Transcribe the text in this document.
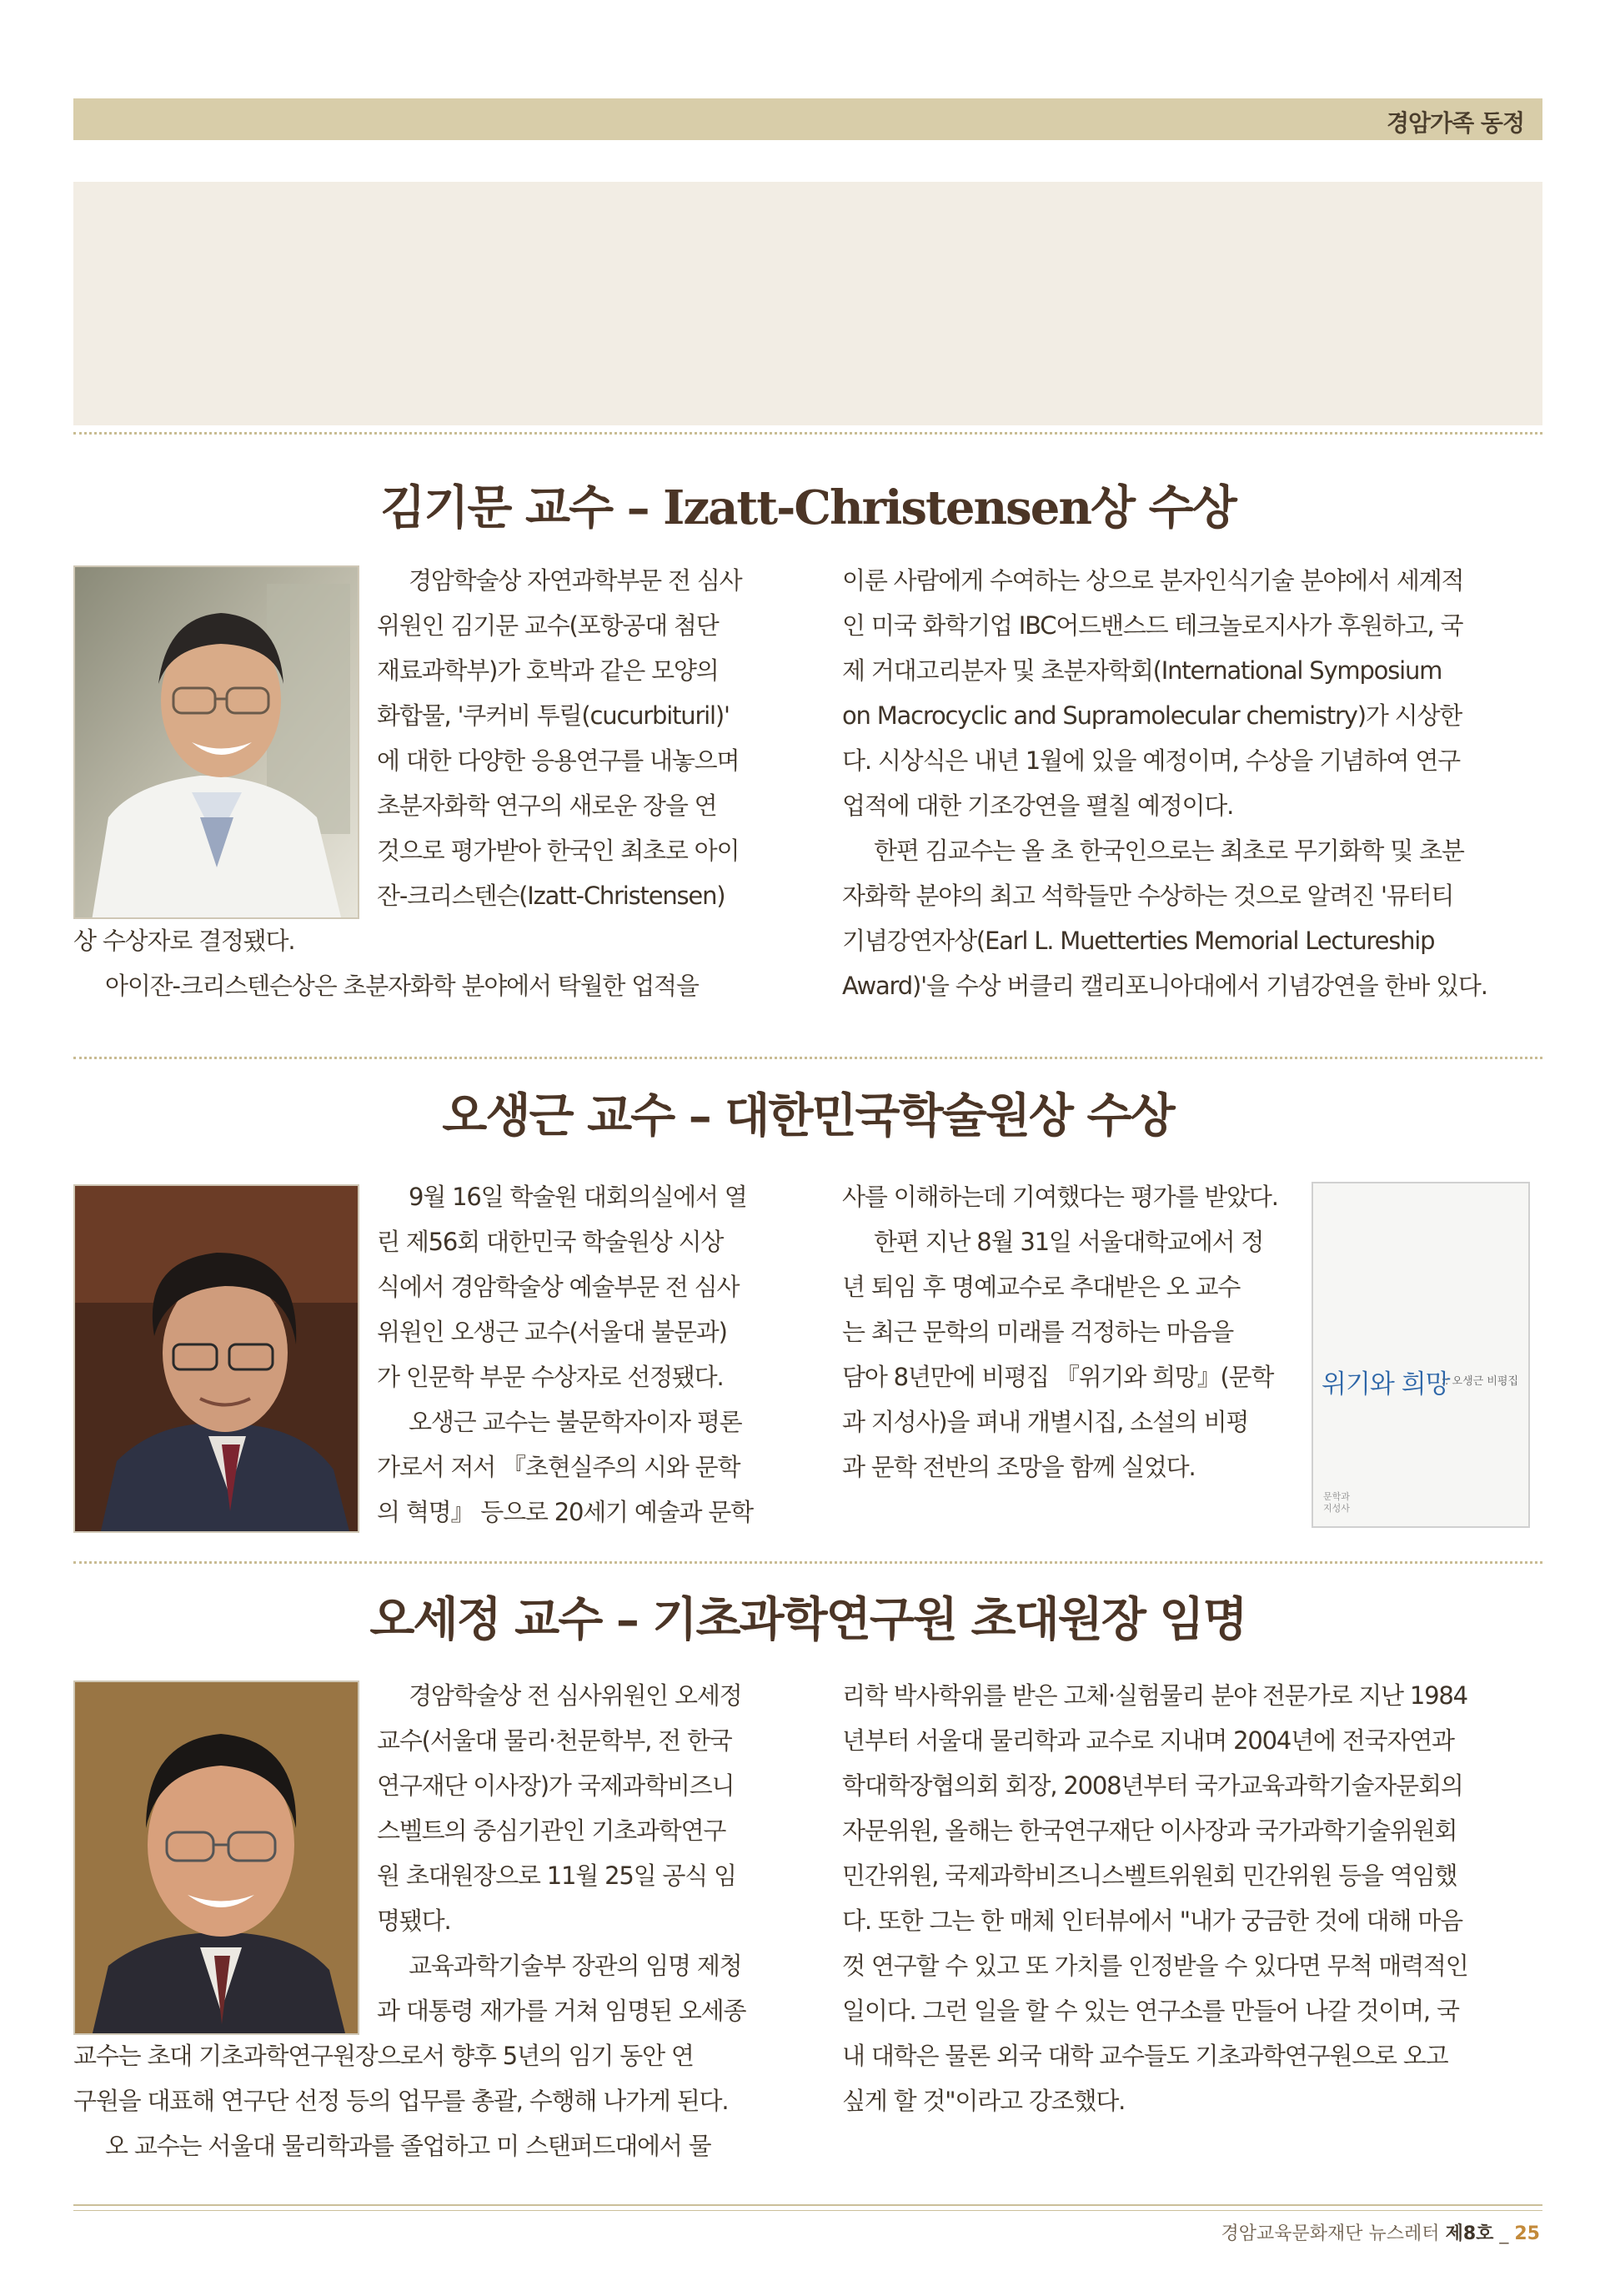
경암가족 동정
김기문 교수 – Izatt-Christensen상 수상

경암학술상 자연과학부문 전 심사

위원인 김기문 교수(포항공대 첨단

재료과학부)가 호박과 같은 모양의

화합물, '쿠커비 투릴(cucurbituril)'

에 대한 다양한 응용연구를 내놓으며

초분자화학 연구의 새로운 장을 연

것으로 평가받아 한국인 최초로 아이

잔-크리스텐슨(Izatt-Christensen)

상 수상자로 결정됐다.

아이잔-크리스텐슨상은 초분자화학 분야에서 탁월한 업적을

이룬 사람에게 수여하는 상으로 분자인식기술 분야에서 세계적

인 미국 화학기업 IBC어드밴스드 테크놀로지사가 후원하고, 국

제 거대고리분자 및 초분자학회(International Symposium

on Macrocyclic and Supramolecular chemistry)가 시상한

다. 시상식은 내년 1월에 있을 예정이며, 수상을 기념하여 연구

업적에 대한 기조강연을 펼칠 예정이다.

한편 김교수는 올 초 한국인으로는 최초로 무기화학 및 초분

자화학 분야의 최고 석학들만 수상하는 것으로 알려진 '뮤터티

기념강연자상(Earl L. Muetterties Memorial Lectureship

Award)'을 수상 버클리 캘리포니아대에서 기념강연을 한바 있다.

오생근 교수 – 대한민국학술원상 수상

9월 16일 학술원 대회의실에서 열

린 제56회 대한민국 학술원상 시상

식에서 경암학술상 예술부문 전 심사

위원인 오생근 교수(서울대 불문과)

가 인문학 부문 수상자로 선정됐다.

오생근 교수는 불문학자이자 평론

가로서 저서 『초현실주의 시와 문학

의 혁명』 등으로 20세기 예술과 문학

사를 이해하는데 기여했다는 평가를 받았다.

한편 지난 8월 31일 서울대학교에서 정

년 퇴임 후 명예교수로 추대받은 오 교수

는 최근 문학의 미래를 걱정하는 마음을

담아 8년만에 비평집 『위기와 희망』(문학

과 지성사)을 펴내 개별시집, 소설의 비평

과 문학 전반의 조망을 함께 실었다.

위기와 희망
:: 오생근 비평집
문학과
지성사
오세정 교수 – 기초과학연구원 초대원장 임명

경암학술상 전 심사위원인 오세정

교수(서울대 물리·천문학부, 전 한국

연구재단 이사장)가 국제과학비즈니

스벨트의 중심기관인 기초과학연구

원 초대원장으로 11월 25일 공식 임

명됐다.

교육과학기술부 장관의 임명 제청

과 대통령 재가를 거쳐 임명된 오세종

교수는 초대 기초과학연구원장으로서 향후 5년의 임기 동안 연

구원을 대표해 연구단 선정 등의 업무를 총괄, 수행해 나가게 된다.

오 교수는 서울대 물리학과를 졸업하고 미 스탠퍼드대에서 물

리학 박사학위를 받은 고체·실험물리 분야 전문가로 지난 1984

년부터 서울대 물리학과 교수로 지내며 2004년에 전국자연과

학대학장협의회 회장, 2008년부터 국가교육과학기술자문회의

자문위원, 올해는 한국연구재단 이사장과 국가과학기술위원회

민간위원, 국제과학비즈니스벨트위원회 민간위원 등을 역임했

다. 또한 그는 한 매체 인터뷰에서 "내가 궁금한 것에 대해 마음

껏 연구할 수 있고 또 가치를 인정받을 수 있다면 무척 매력적인

일이다. 그런 일을 할 수 있는 연구소를 만들어 나갈 것이며, 국

내 대학은 물론 외국 대학 교수들도 기초과학연구원으로 오고

싶게 할 것"이라고 강조했다.

경암교육문화재단 뉴스레터 제8호 _ 25
